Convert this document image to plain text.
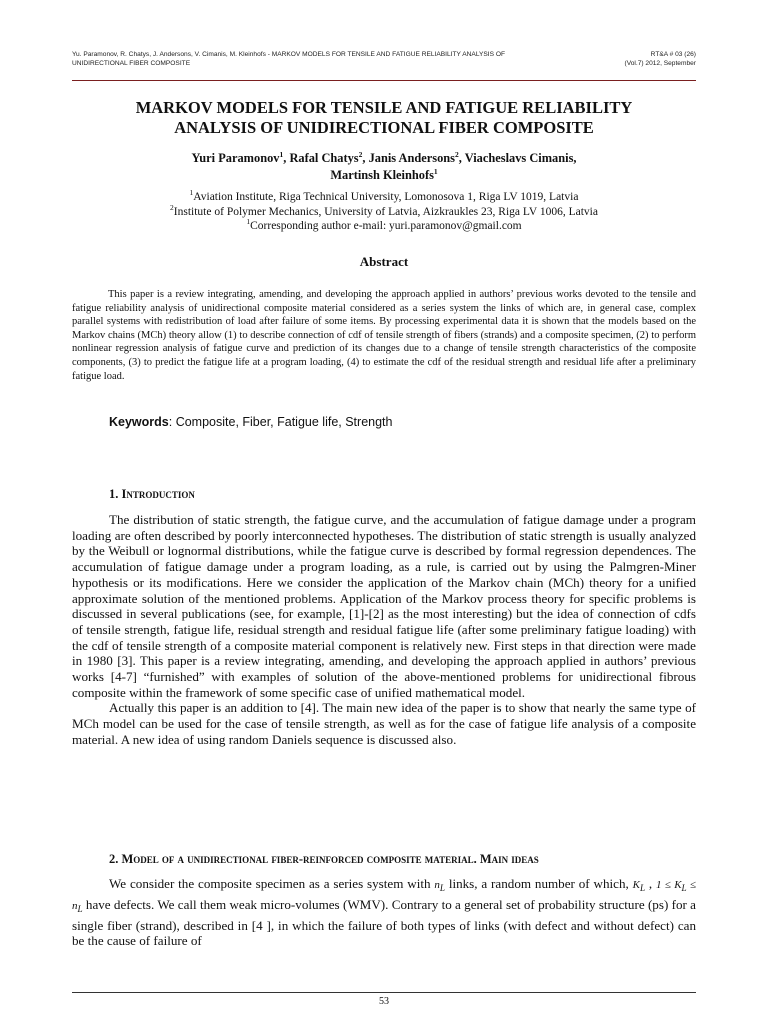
Yu. Paramonov, R. Chatys, J. Andersons, V. Cimanis, M. Kleinhofs - MARKOV MODELS FOR TENSILE AND FATIGUE RELIABILITY ANALYSIS OF
UNIDIRECTIONAL FIBER COMPOSITE
RT&A # 03 (26)
(Vol.7) 2012, September
MARKOV MODELS FOR TENSILE AND FATIGUE RELIABILITY
ANALYSIS OF UNIDIRECTIONAL FIBER COMPOSITE
Yuri Paramonov$^1$, Rafal Chatys$^2$, Janis Andersons$^2$, Viacheslavs Cimanis,
Martinsh Kleinhofs$^1$
$^1$Aviation Institute, Riga Technical University, Lomonosova 1, Riga LV 1019, Latvia
$^2$Institute of Polymer Mechanics, University of Latvia, Aizkraukles 23, Riga LV 1006, Latvia
$^1$Corresponding author e-mail: yuri.paramonov@gmail.com
Abstract
This paper is a review integrating, amending, and developing the approach applied in authors’ previous works devoted to the tensile and fatigue reliability analysis of unidirectional composite material considered as a series system the links of which are, in general case, complex parallel systems with redistribution of load after failure of some items. By processing experimental data it is shown that the models based on the Markov chains (MCh) theory allow (1) to describe connection of cdf of tensile strength of fibers (strands) and a composite specimen, (2) to perform nonlinear regression analysis of fatigue curve and prediction of its changes due to a change of tensile strength characteristics of the composite components, (3) to predict the fatigue life at a program loading, (4) to estimate the cdf of the residual strength and residual life after a preliminary fatigue load.
Keywords: Composite, Fiber, Fatigue life, Strength
1. Introduction

The distribution of static strength, the fatigue curve, and the accumulation of fatigue damage under a program loading are often described by poorly interconnected hypotheses. The distribution of static strength is usually analyzed by the Weibull or lognormal distributions, while the fatigue curve is described by formal regression dependences. The accumulation of fatigue damage under a program loading, as a rule, is carried out by using the Palmgren-Miner hypothesis or its modifications. Here we consider the application of the Markov chain (MCh) theory for a unified approximate solution of the mentioned problems. Application of the Markov process theory for specific problems is discussed in several publications (see, for example, [1]-[2] as the most interesting) but the idea of connection of cdfs of tensile strength, fatigue life, residual strength and residual fatigue life (after some preliminary fatigue loading) with the cdf of tensile strength of a composite material component is relatively new. First steps in that direction were made in 1980 [3]. This paper is a review integrating, amending, and developing the approach applied in authors’ previous works [4-7] “furnished” with examples of solution of the above-mentioned problems for unidirectional fibrous composite within the framework of some specific case of unified mathematical model.

Actually this paper is an addition to [4]. The main new idea of the paper is to show that nearly the same type of MCh model can be used for the case of tensile strength, as well as for the case of fatigue life analysis of a composite material. A new idea of using random Daniels sequence is discussed also.

2. Model of a unidirectional fiber-reinforced composite material. Main ideas

We consider the composite specimen as a series system with $n_L$ links, a random number of which, $K_L$ , $1 \le K_L \le n_L$ have defects. We call them weak micro-volumes (WMV). Contrary to a general set of probability structure (ps) for a single fiber (strand), described in [4 ], in which the failure of both types of links (with defect and without defect) can be the cause of failure of

53
